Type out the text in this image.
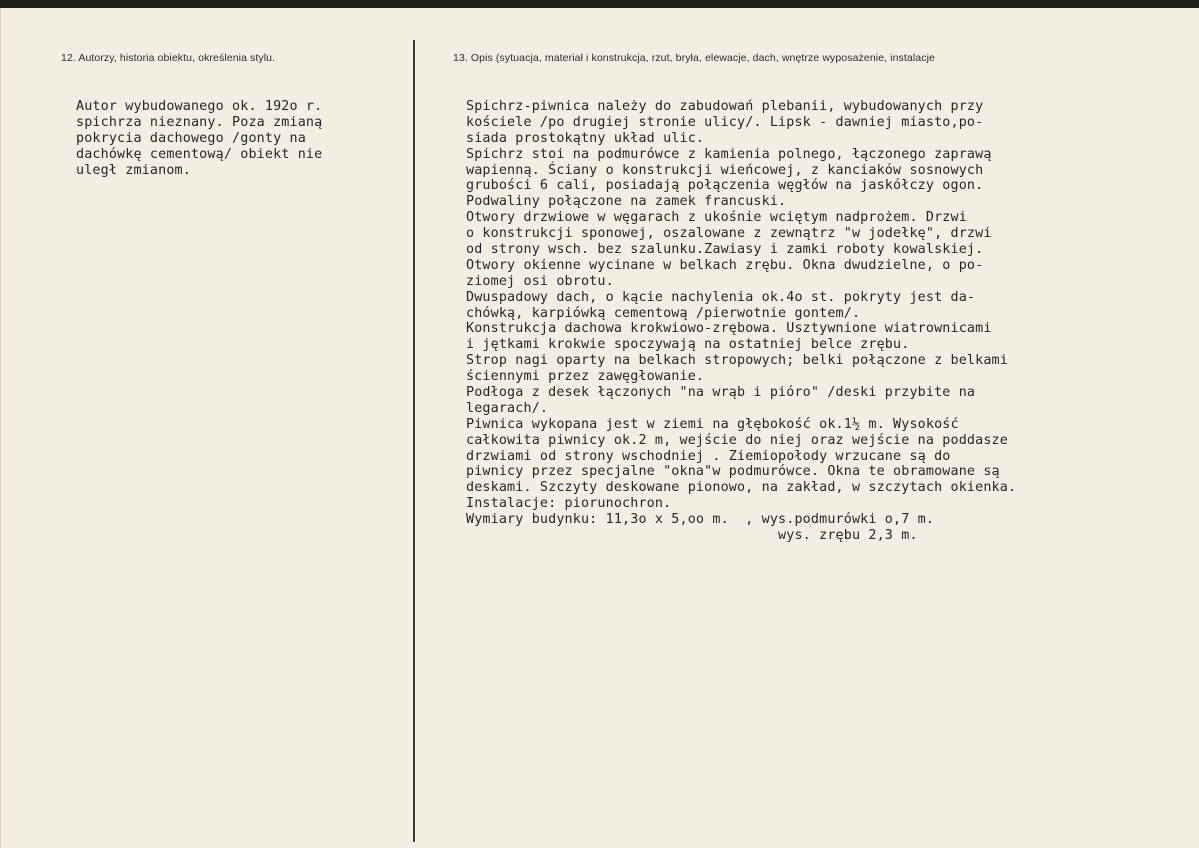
12. Autorzy, historia obiektu, określenia stylu.	13. Opis (sytuacja, materiał i konstrukcja, rzut, bryła, elewacje, dach, wnętrze wyposażenie, instalacje
Autor wybudowanego ok. 192o r.
spichrza nieznany. Poza zmianą
pokrycia dachowego /gonty na
dachówkę cementową/ obiekt nie
uległ zmianom.
Spichrz-piwnica należy do zabudowań plebanii, wybudowanych przy
kościele /po drugiej stronie ulicy/. Lipsk - dawniej miasto,po-
siada prostokątny układ ulic.
Spichrz stoi na podmurówce z kamienia polnego, łączonego zaprawą
wapienną. Ściany o konstrukcji wieńcowej, z kanciaków sosnowych
grubości 6 cali, posiadają połączenia węgłów na jaskółczy ogon.
Podwaliny połączone na zamek francuski.
Otwory drzwiowe w węgarach z ukośnie wciętym nadprożem. Drzwi
o konstrukcji sponowej, oszalowane z zewnątrz "w jodełkę", drzwi
od strony wsch. bez szalunku.Zawiasy i zamki roboty kowalskiej.
Otwory okienne wycinane w belkach zrębu. Okna dwudzielne, o po-
ziomej osi obrotu.
Dwuspadowy dach, o kącie nachylenia ok.4o st. pokryty jest da-
chówką, karpiówką cementową /pierwotnie gontem/.
Konstrukcja dachowa krokwiowo-zrębowa. Usztywnione wiatrownicami
i jętkami krokwie spoczywają na ostatniej belce zrębu.
Strop nagi oparty na belkach stropowych; belki połączone z belkami
ściennymi przez zawęgłowanie.
Podłoga z desek łączonych "na wrąb i pióro" /deski przybite na
legarach/.
Piwnica wykopana jest w ziemi na głębokość ok.1½ m. Wysokość
całkowita piwnicy ok.2 m, wejście do niej oraz wejście na poddasze
drzwiami od strony wschodniej . Ziemiopołody wrzucane są do
piwnicy przez specjalne "okna"w podmurówce. Okna te obramowane są
deskami. Szczyty deskowane pionowo, na zakład, w szczytach okienka.
Instalacje: piorunochron.
Wymiary budynku: 11,3o x 5,oo m.  , wys.podmurówki o,7 m.
wys. zrębu 2,3 m.
